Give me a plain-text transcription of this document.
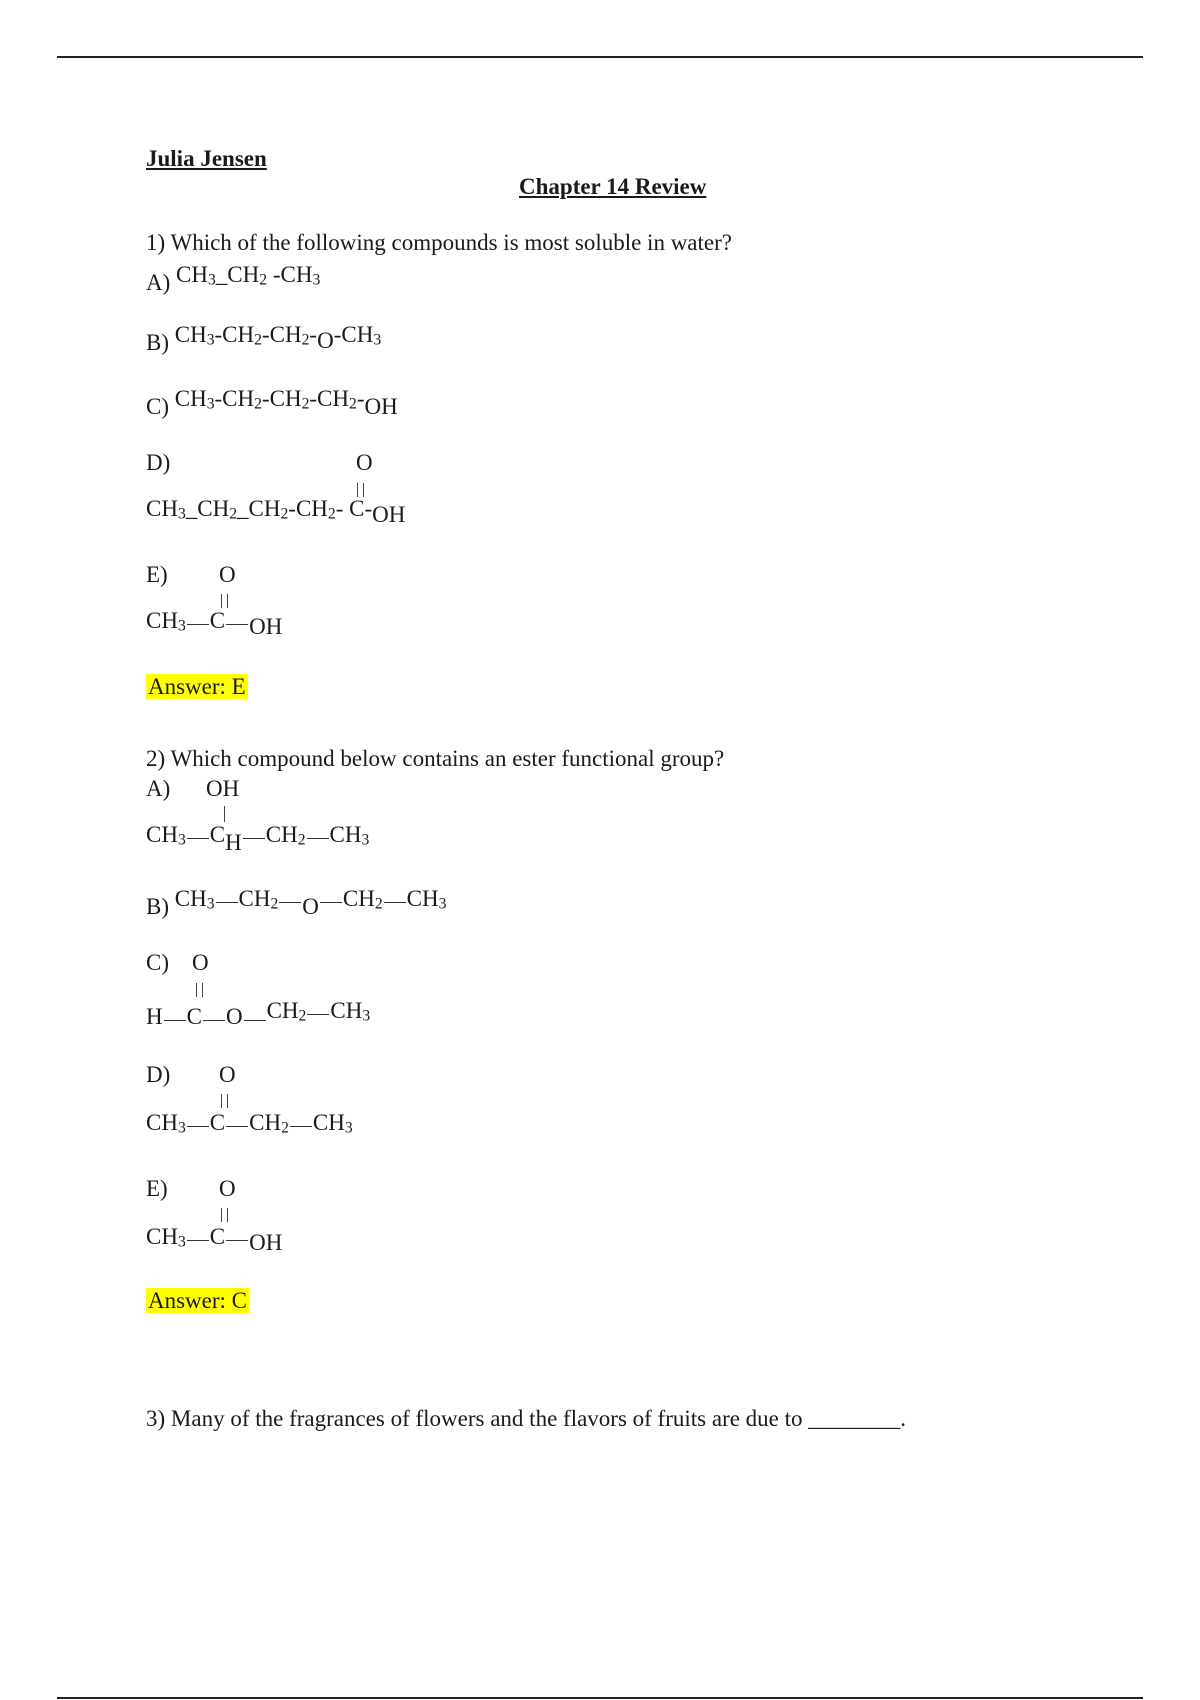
Julia Jensen
Chapter 14 Review
1) Which of the following compounds is most soluble in water?
A) $CH_3\_CH_2$ $-CH_3$
B) $CH_3-CH_2-CH_2-O-CH_3$
C) $CH_3-CH_2-CH_2-CH_2-OH$
D)	O
$CH_3\_CH_2\_CH_2-CH_2-$ C-OH
E) O
$CH_3$ C OH
Answer: E
2) Which compound below contains an ester functional group?
A) OH
$CH_3$ CH $CH_2$ $CH_3$
B) $CH_3$ $CH_2$ O $CH_2$ $CH_3$
C) O
H C O $CH_2$ $CH_3$
D) O
$CH_3$ C $CH_2$ $CH_3$
E) O
$CH_3$ C OH
Answer: C
3) Many of the fragrances of flowers and the flavors of fruits are due to ________.
